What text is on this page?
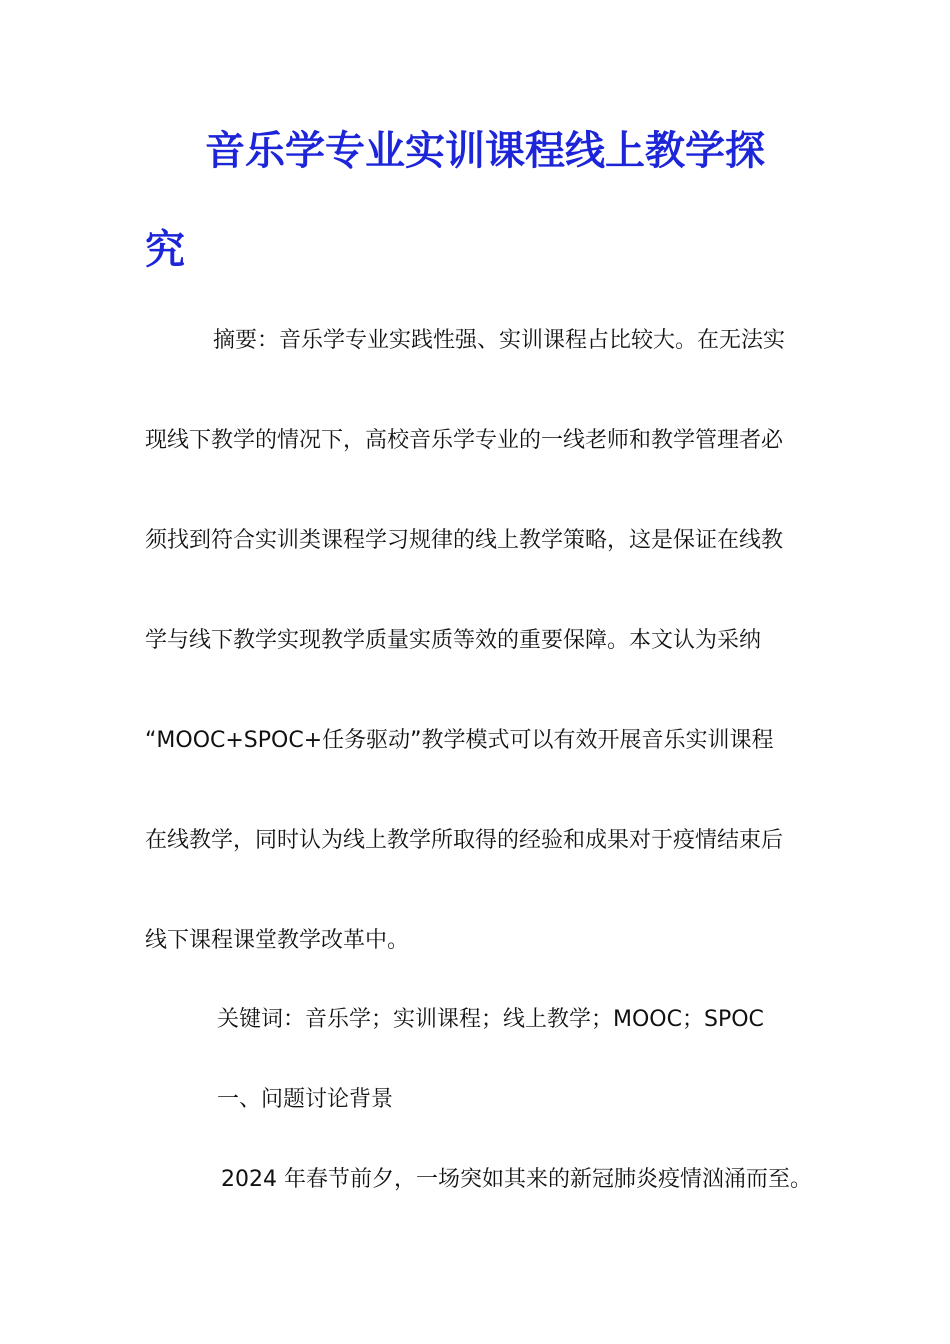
音乐学专业实训课程线上教学探
究

摘要：音乐学专业实践性强、实训课程占比较大。在无法实

现线下教学的情况下，高校音乐学专业的一线老师和教学管理者必

须找到符合实训类课程学习规律的线上教学策略，这是保证在线教

学与线下教学实现教学质量实质等效的重要保障。本文认为采纳

“MOOC+SPOC+任务驱动”教学模式可以有效开展音乐实训课程

在线教学，同时认为线上教学所取得的经验和成果对于疫情结束后

线下课程课堂教学改革中。

关键词：音乐学；实训课程；线上教学；MOOC；SPOC

一、问题讨论背景

2024 年春节前夕，一场突如其来的新冠肺炎疫情汹涌而至。
